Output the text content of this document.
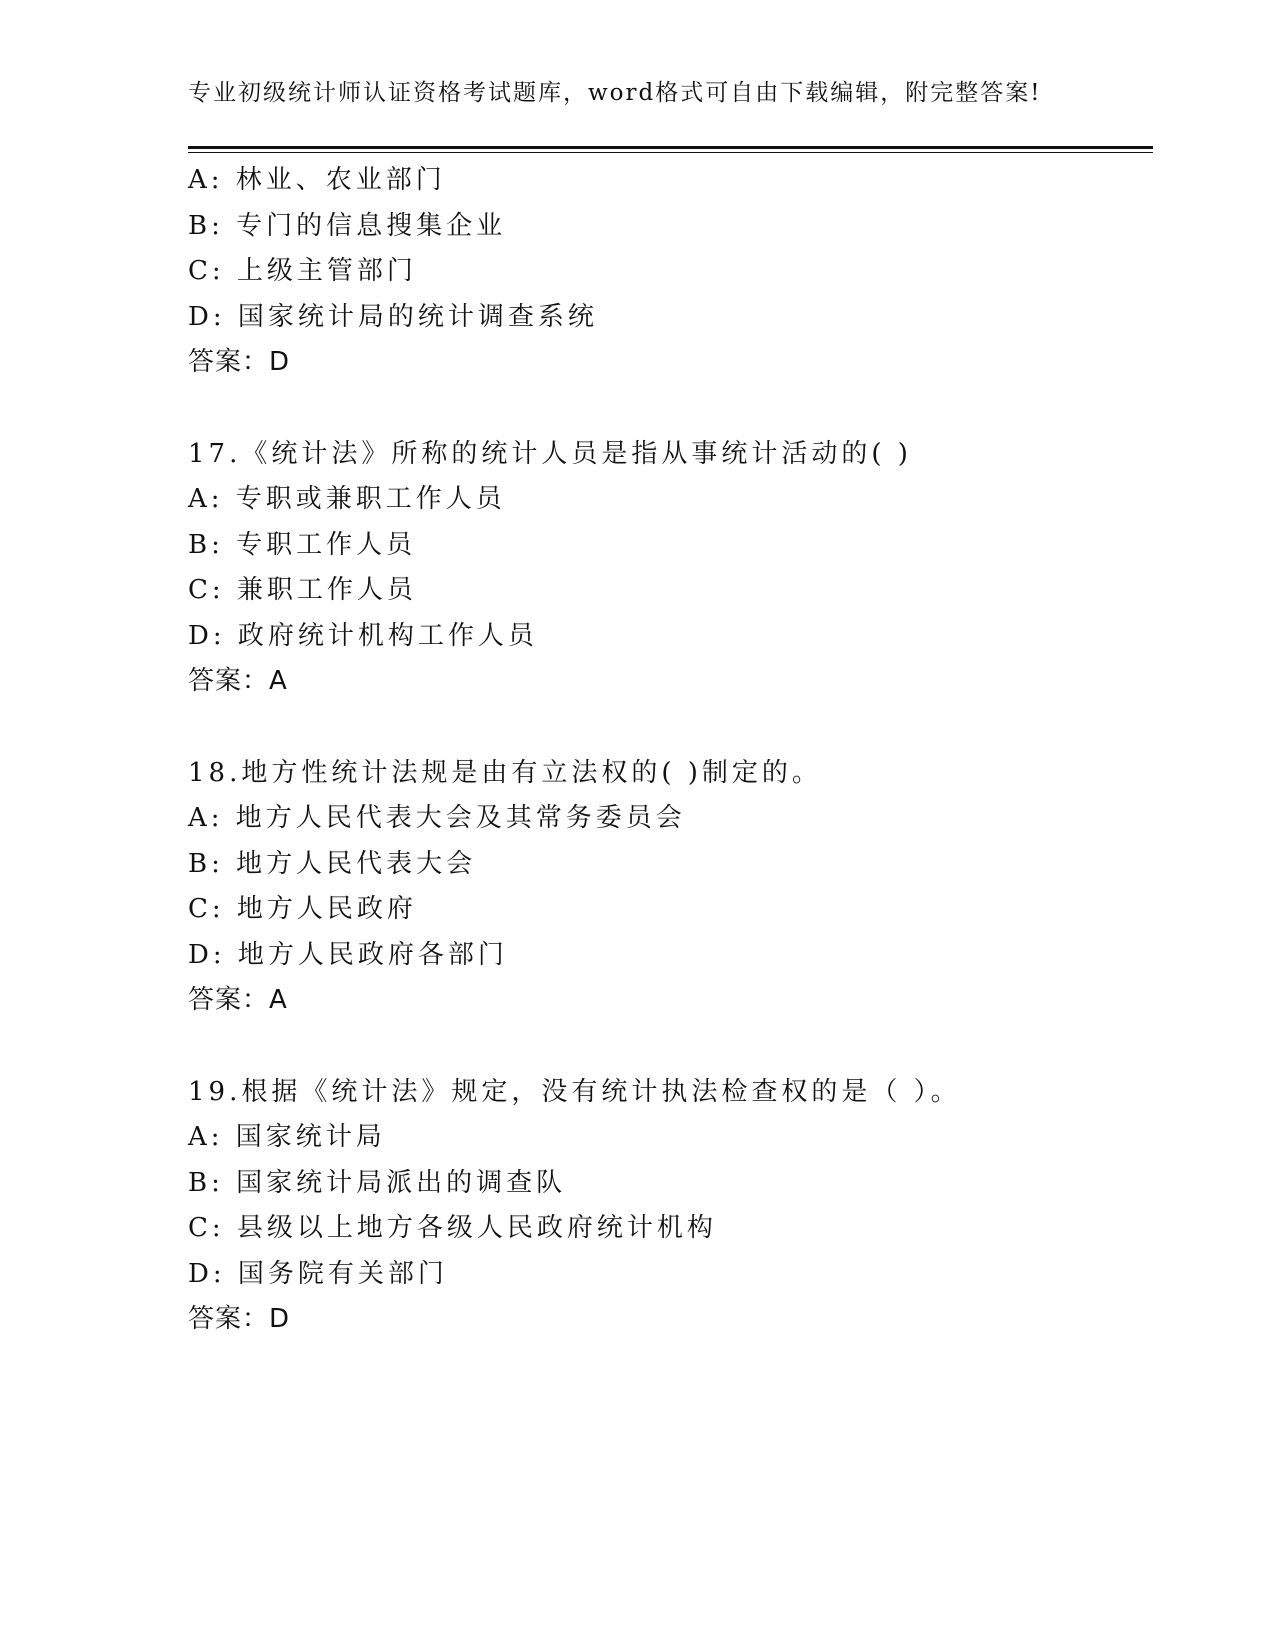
专业初级统计师认证资格考试题库，word格式可自由下载编辑，附完整答案!
A: 林业、农业部门
B: 专门的信息搜集企业
C: 上级主管部门
D: 国家统计局的统计调查系统
答案：D
17.《统计法》所称的统计人员是指从事统计活动的( )
A: 专职或兼职工作人员
B: 专职工作人员
C: 兼职工作人员
D: 政府统计机构工作人员
答案：A
18.地方性统计法规是由有立法权的( )制定的。
A: 地方人民代表大会及其常务委员会
B: 地方人民代表大会
C: 地方人民政府
D: 地方人民政府各部门
答案：A
19.根据《统计法》规定，没有统计执法检查权的是（ ）。
A: 国家统计局
B: 国家统计局派出的调查队
C: 县级以上地方各级人民政府统计机构
D: 国务院有关部门
答案：D
